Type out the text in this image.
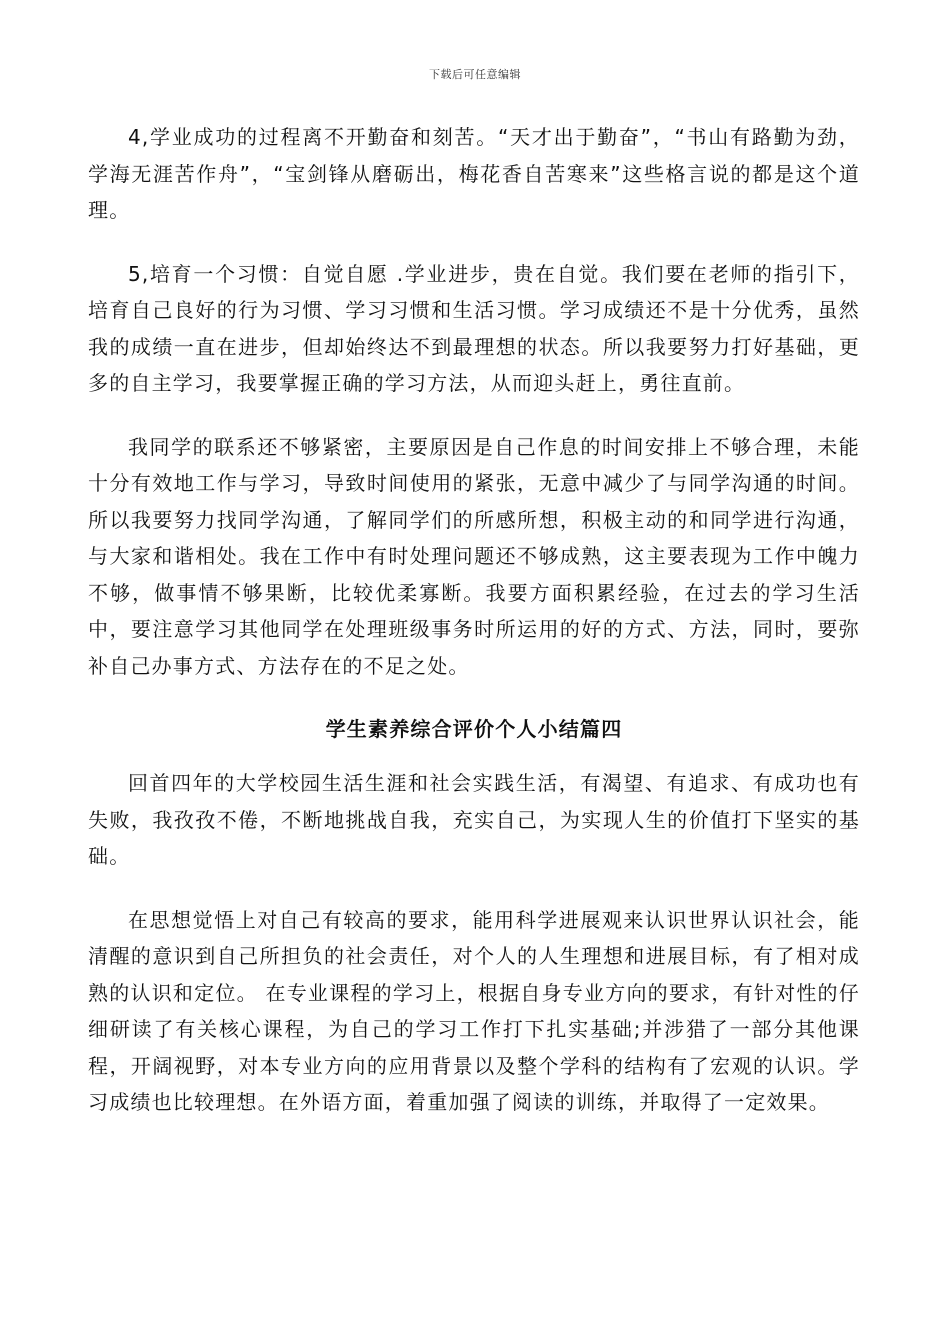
下载后可任意编辑

4,学业成功的过程离不开勤奋和刻苦。“天才出于勤奋”，“书山有路勤为劲，学海无涯苦作舟”，“宝剑锋从磨砺出，梅花香自苦寒来”这些格言说的都是这个道理。

5,培育一个习惯：自觉自愿 .学业进步，贵在自觉。我们要在老师的指引下，培育自己良好的行为习惯、学习习惯和生活习惯。学习成绩还不是十分优秀，虽然我的成绩一直在进步，但却始终达不到最理想的状态。所以我要努力打好基础，更多的自主学习，我要掌握正确的学习方法，从而迎头赶上，勇往直前。

我同学的联系还不够紧密，主要原因是自己作息的时间安排上不够合理，未能十分有效地工作与学习，导致时间使用的紧张，无意中减少了与同学沟通的时间。所以我要努力找同学沟通，了解同学们的所感所想，积极主动的和同学进行沟通，与大家和谐相处。我在工作中有时处理问题还不够成熟，这主要表现为工作中魄力不够，做事情不够果断，比较优柔寡断。我要方面积累经验，在过去的学习生活中，要注意学习其他同学在处理班级事务时所运用的好的方式、方法，同时，要弥补自己办事方式、方法存在的不足之处。

学生素养综合评价个人小结篇四

回首四年的大学校园生活生涯和社会实践生活，有渴望、有追求、有成功也有失败，我孜孜不倦，不断地挑战自我，充实自己，为实现人生的价值打下坚实的基础。

在思想觉悟上对自己有较高的要求，能用科学进展观来认识世界认识社会，能清醒的意识到自己所担负的社会责任，对个人的人生理想和进展目标，有了相对成熟的认识和定位。 在专业课程的学习上，根据自身专业方向的要求，有针对性的仔细研读了有关核心课程，为自己的学习工作打下扎实基础;并涉猎了一部分其他课程，开阔视野，对本专业方向的应用背景以及整个学科的结构有了宏观的认识。学习成绩也比较理想。在外语方面，着重加强了阅读的训练，并取得了一定效果。
